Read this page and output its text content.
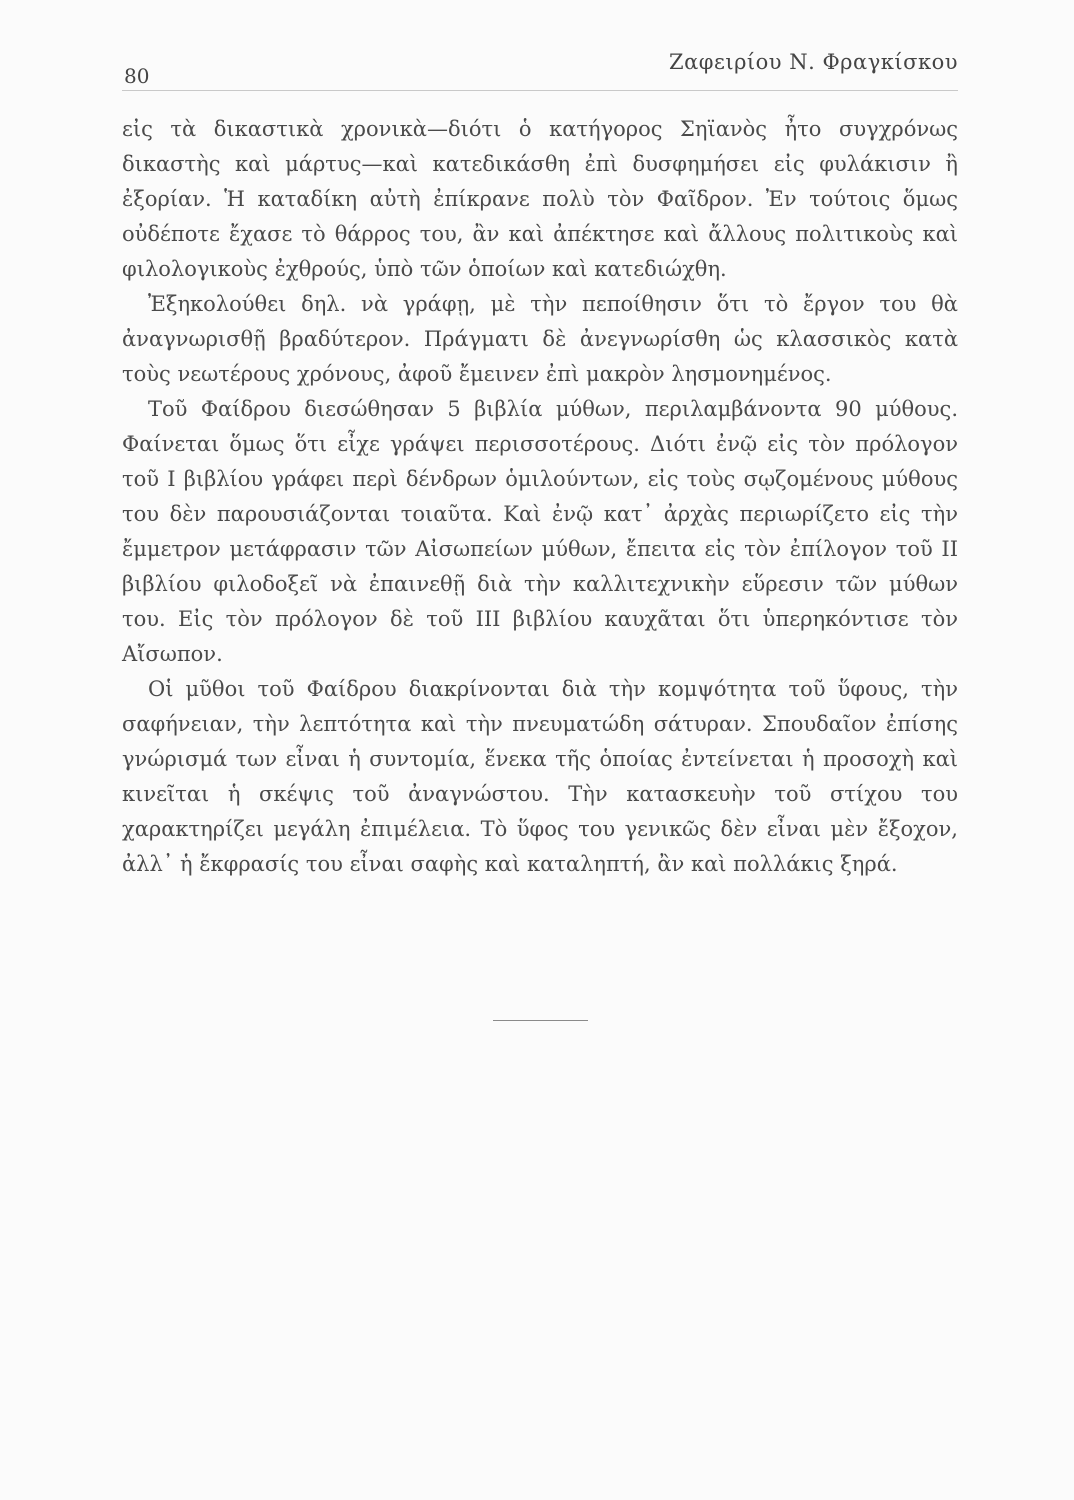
80
Ζαφειρίου Ν. Φραγκίσκου

εἰς τὰ δικαστικὰ χρονικὰ—διότι ὁ κατήγορος Σηϊανὸς ἦτο συγχρόνως δικαστὴς καὶ μάρτυς—καὶ κατεδικάσθη ἐπὶ δυσφημήσει εἰς φυλάκισιν ἢ ἐξορίαν. Ἡ καταδίκη αὐτὴ ἐπίκρανε πολὺ τὸν Φαῖδρον. Ἐν τούτοις ὅμως οὐδέποτε ἔχασε τὸ θάρρος του, ἂν καὶ ἀπέκτησε καὶ ἄλλους πολιτικοὺς καὶ φιλολογικοὺς ἐχθρούς, ὑπὸ τῶν ὁποίων καὶ κατεδιώχθη.

Ἐξηκολούθει δηλ. νὰ γράφῃ, μὲ τὴν πεποίθησιν ὅτι τὸ ἔργον του θὰ ἀναγνωρισθῇ βραδύτερον. Πράγματι δὲ ἀνεγνωρίσθη ὡς κλασσικὸς κατὰ τοὺς νεωτέρους χρόνους, ἀφοῦ ἔμεινεν ἐπὶ μακρὸν λησμονημένος.

Τοῦ Φαίδρου διεσώθησαν 5 βιβλία μύθων, περιλαμβάνοντα 90 μύθους. Φαίνεται ὅμως ὅτι εἶχε γράψει περισσοτέρους. Διότι ἐνῷ εἰς τὸν πρόλογον τοῦ I βιβλίου γράφει περὶ δένδρων ὁμιλούντων, εἰς τοὺς σῳζομένους μύθους του δὲν παρουσιάζονται τοιαῦτα. Καὶ ἐνῷ κατ᾽ ἀρχὰς περιωρίζετο εἰς τὴν ἔμμετρον μετάφρασιν τῶν Αἰσωπείων μύθων, ἔπειτα εἰς τὸν ἐπίλογον τοῦ II βιβλίου φιλοδοξεῖ νὰ ἐπαινεθῇ διὰ τὴν καλλιτεχνικὴν εὕρεσιν τῶν μύθων του. Εἰς τὸν πρόλογον δὲ τοῦ III βιβλίου καυχᾶται ὅτι ὑπερηκόντισε τὸν Αἴσωπον.

Οἱ μῦθοι τοῦ Φαίδρου διακρίνονται διὰ τὴν κομψότητα τοῦ ὕφους, τὴν σαφήνειαν, τὴν λεπτότητα καὶ τὴν πνευματώδη σάτυραν. Σπουδαῖον ἐπίσης γνώρισμά των εἶναι ἡ συντομία, ἕνεκα τῆς ὁποίας ἐντείνεται ἡ προσοχὴ καὶ κινεῖται ἡ σκέψις τοῦ ἀναγνώστου. Τὴν κατασκευὴν τοῦ στίχου του χαρακτηρίζει μεγάλη ἐπιμέλεια. Τὸ ὕφος του γενικῶς δὲν εἶναι μὲν ἔξοχον, ἀλλ᾽ ἡ ἔκφρασίς του εἶναι σαφὴς καὶ καταληπτή, ἂν καὶ πολλάκις ξηρά.
